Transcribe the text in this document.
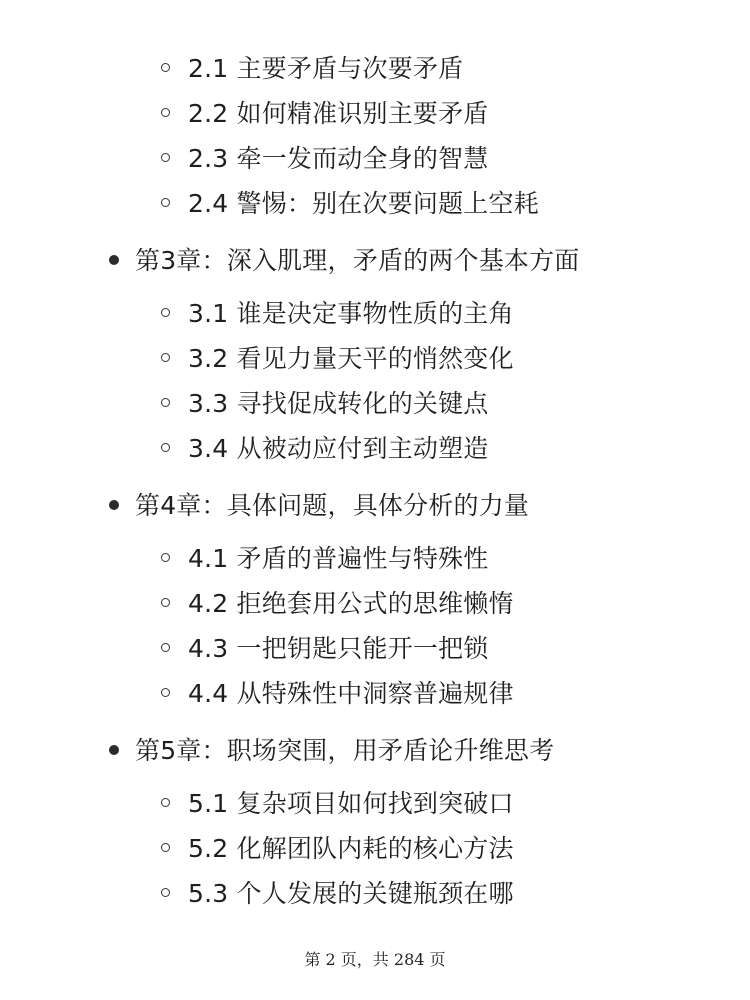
2.1 主要矛盾与次要矛盾
2.2 如何精准识别主要矛盾
2.3 牵一发而动全身的智慧
2.4 警惕：别在次要问题上空耗
第3章：深入肌理，矛盾的两个基本方面
3.1 谁是决定事物性质的主角
3.2 看见力量天平的悄然变化
3.3 寻找促成转化的关键点
3.4 从被动应付到主动塑造
第4章：具体问题，具体分析的力量
4.1 矛盾的普遍性与特殊性
4.2 拒绝套用公式的思维懒惰
4.3 一把钥匙只能开一把锁
4.4 从特殊性中洞察普遍规律
第5章：职场突围，用矛盾论升维思考
5.1 复杂项目如何找到突破口
5.2 化解团队内耗的核心方法
5.3 个人发展的关键瓶颈在哪
第 2 页，共 284 页
